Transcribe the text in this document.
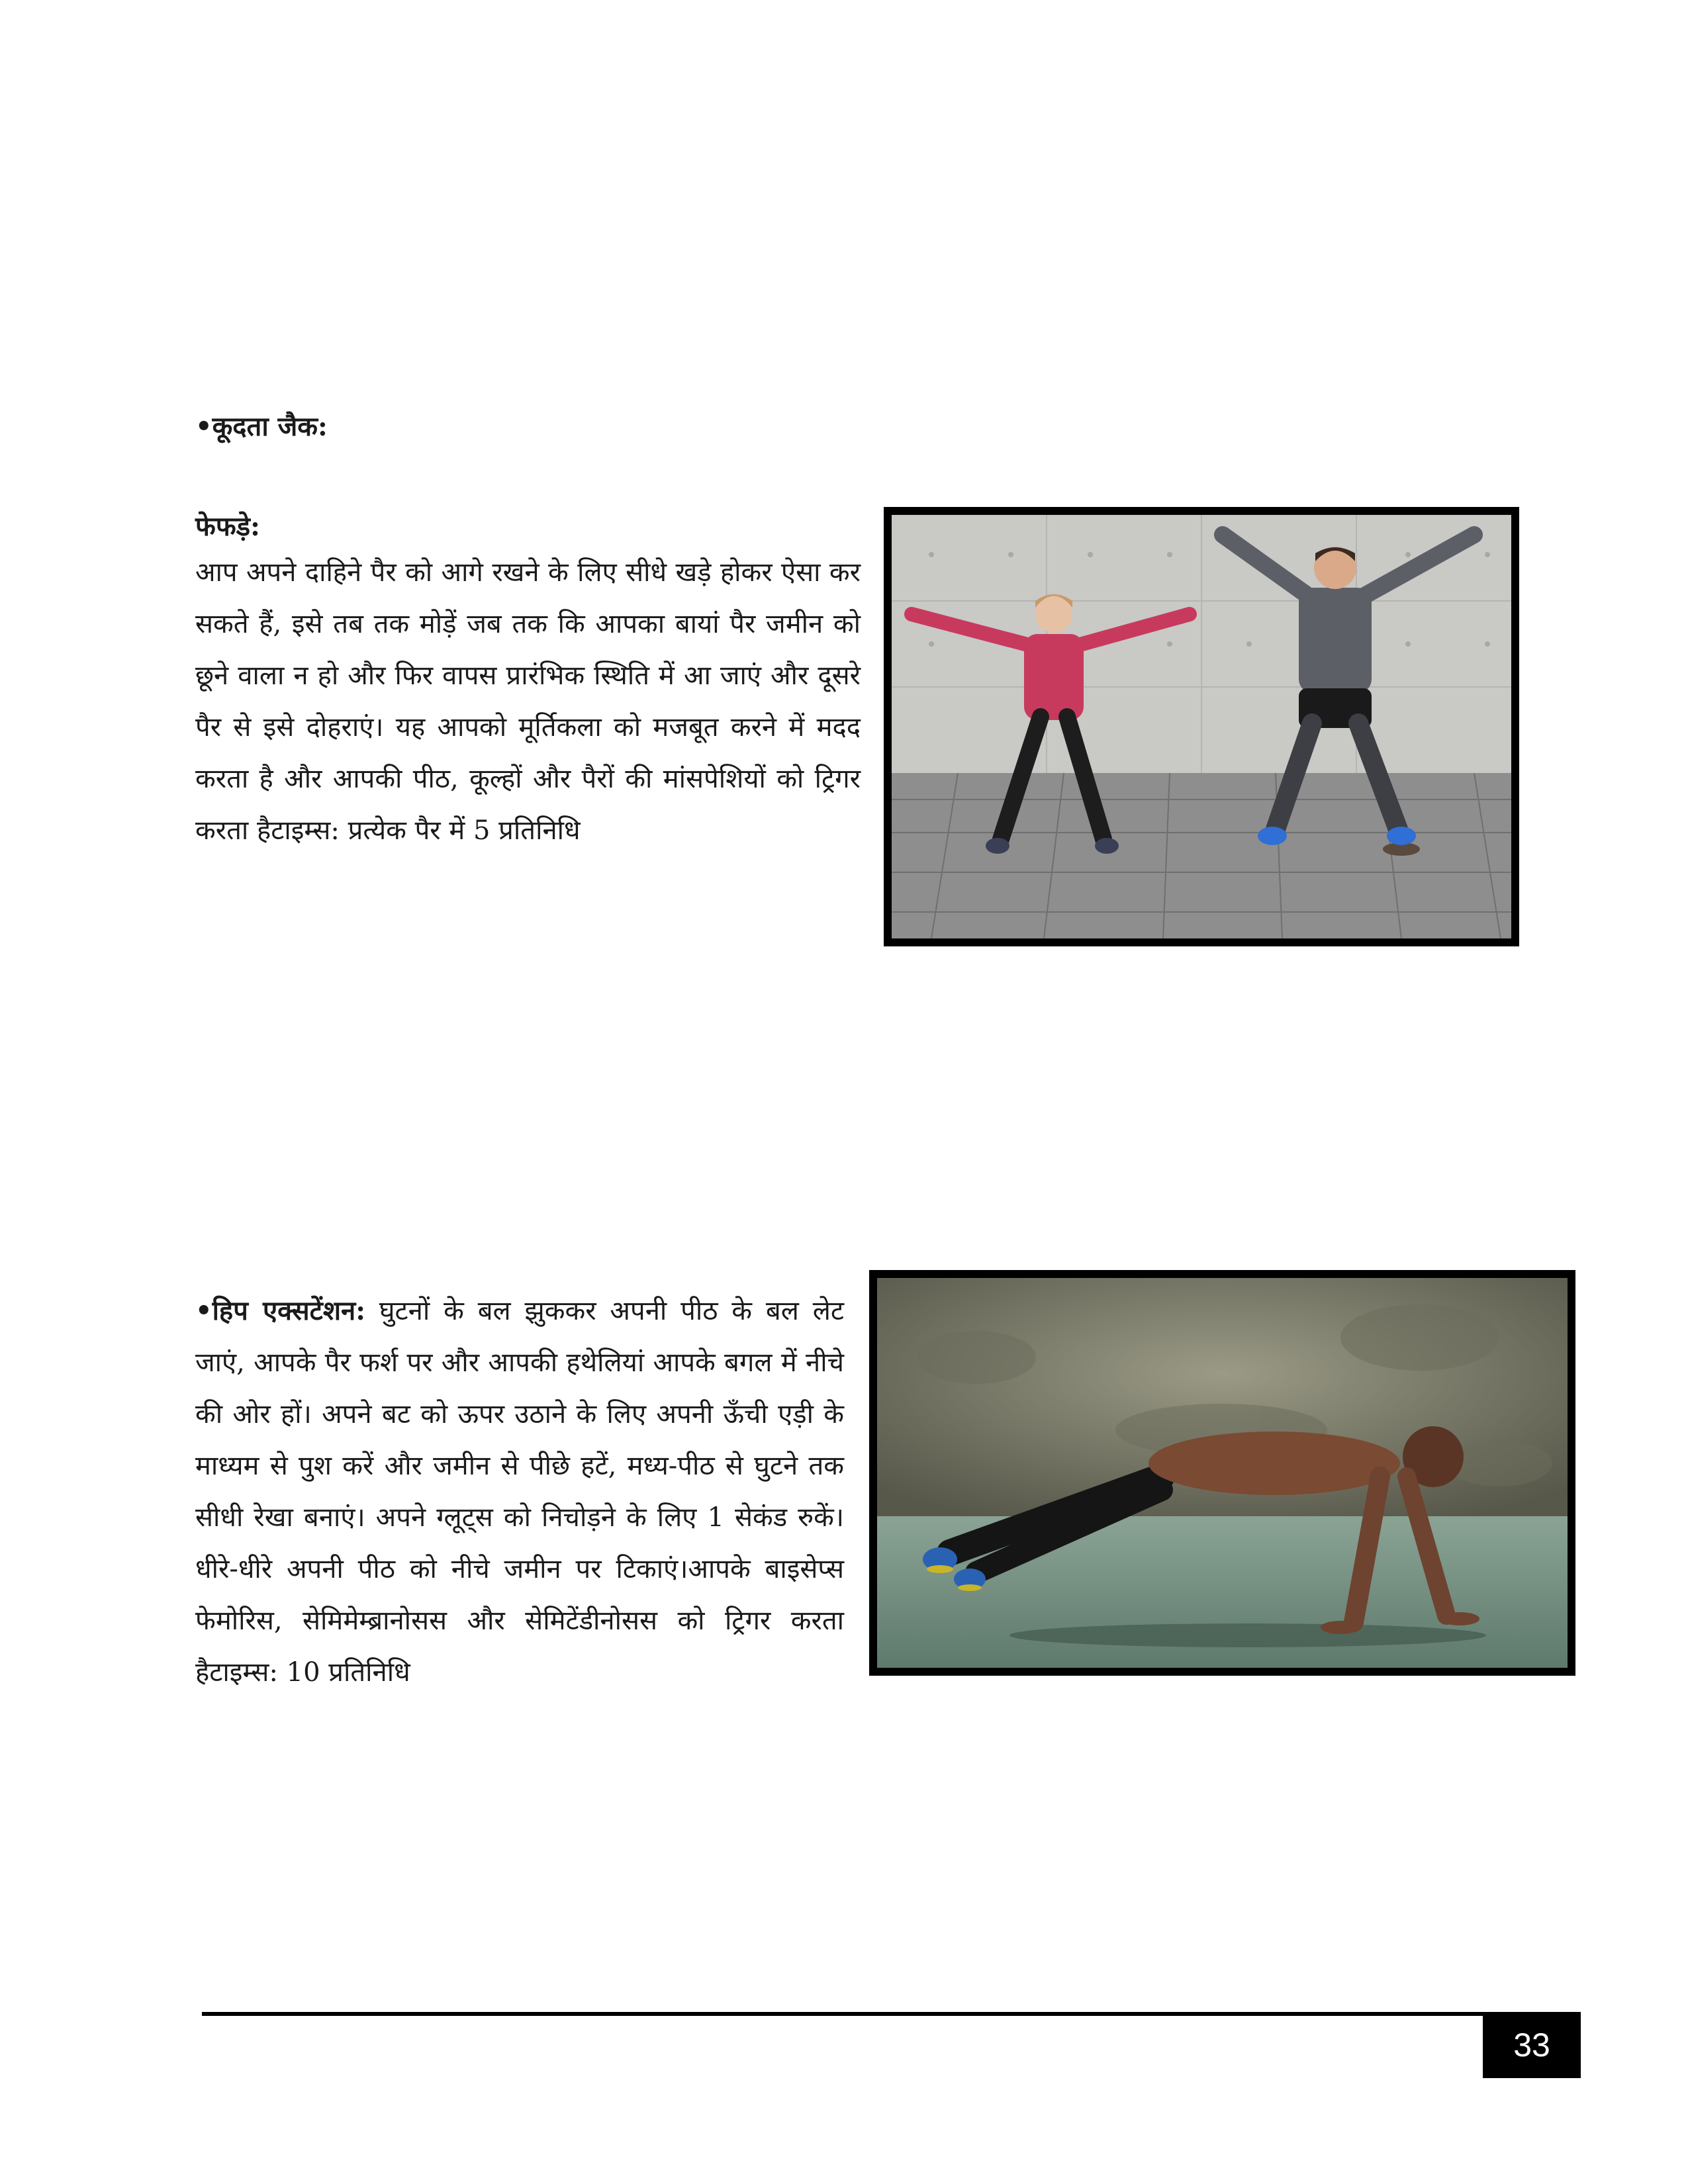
•कूदता जैक:
फेफड़े:

आप अपने दाहिने पैर को आगे रखने के लिए सीधे खड़े होकर ऐसा कर सकते हैं, इसे तब तक मोड़ें जब तक कि आपका बायां पैर जमीन को छूने वाला न हो और फिर वापस प्रारंभिक स्थिति में आ जाएं और दूसरे पैर से इसे दोहराएं। यह आपको मूर्तिकला को मजबूत करने में मदद करता है और आपकी पीठ, कूल्हों और पैरों की मांसपेशियों को ट्रिगर करता हैटाइम्स: प्रत्येक पैर में 5 प्रतिनिधि

•हिप एक्सटेंशन: घुटनों के बल झुककर अपनी पीठ के बल लेट जाएं, आपके पैर फर्श पर और आपकी हथेलियां आपके बगल में नीचे की ओर हों। अपने बट को ऊपर उठाने के लिए अपनी ऊँची एड़ी के माध्यम से पुश करें और जमीन से पीछे हटें, मध्य-पीठ से घुटने तक सीधी रेखा बनाएं। अपने ग्लूट्स को निचोड़ने के लिए 1 सेकंड रुकें। धीरे-धीरे अपनी पीठ को नीचे जमीन पर टिकाएं।आपके बाइसेप्स फेमोरिस, सेमिमेम्ब्रानोसस और सेमिटेंडीनोसस को ट्रिगर करता हैटाइम्स: 10 प्रतिनिधि

33
